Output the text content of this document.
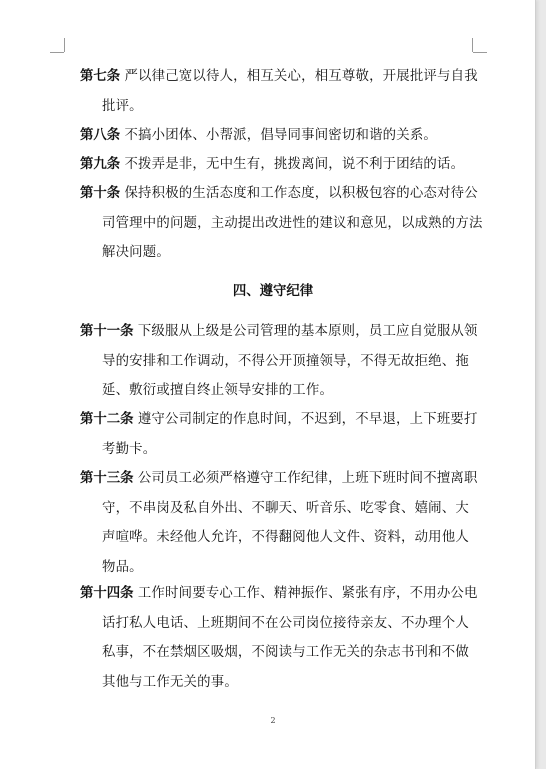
第七条 严以律己宽以待人，相互关心，相互尊敬，开展批评与自我
批评。

第八条 不搞小团体、小帮派，倡导同事间密切和谐的关系。

第九条 不拨弄是非，无中生有，挑拨离间，说不利于团结的话。

第十条 保持积极的生活态度和工作态度，以积极包容的心态对待公
司管理中的问题，主动提出改进性的建议和意见，以成熟的方法
解决问题。

四、遵守纪律

第十一条 下级服从上级是公司管理的基本原则，员工应自觉服从领
导的安排和工作调动，不得公开顶撞领导，不得无故拒绝、拖
延、敷衍或擅自终止领导安排的工作。

第十二条 遵守公司制定的作息时间，不迟到，不早退，上下班要打
考勤卡。

第十三条 公司员工必须严格遵守工作纪律，上班下班时间不擅离职
守，不串岗及私自外出、不聊天、听音乐、吃零食、嬉闹、大
声喧哗。未经他人允许，不得翻阅他人文件、资料，动用他人
物品。

第十四条 工作时间要专心工作、精神振作、紧张有序，不用办公电
话打私人电话、上班期间不在公司岗位接待亲友、不办理个人
私事，不在禁烟区吸烟，不阅读与工作无关的杂志书刊和不做
其他与工作无关的事。

2
